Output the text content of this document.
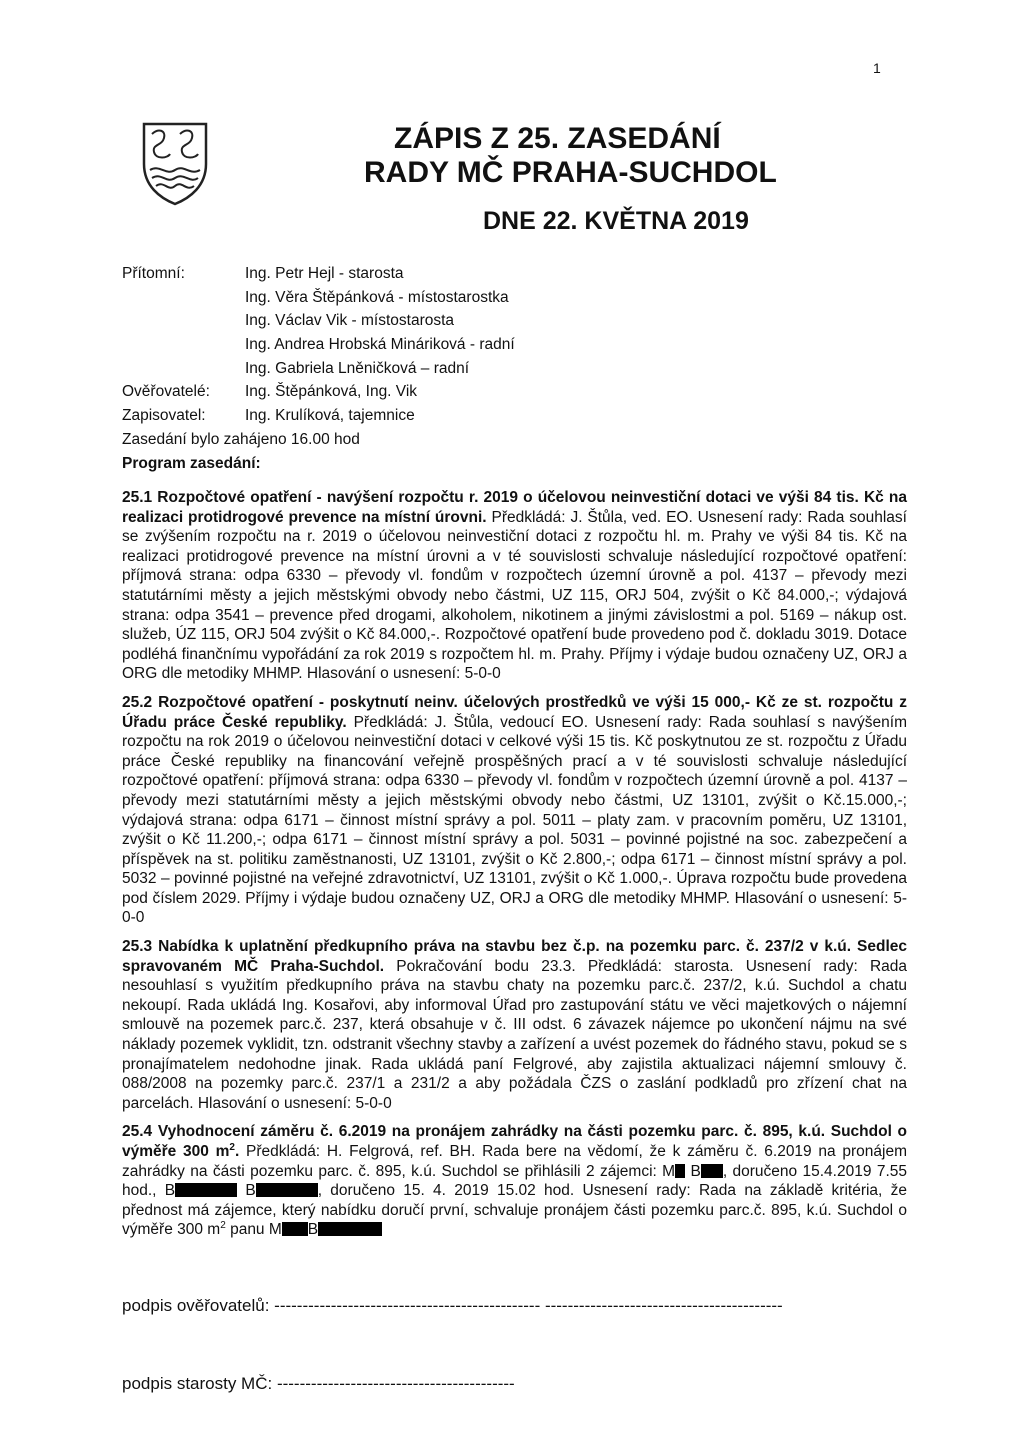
1
ZÁPIS Z 25. ZASEDÁNÍ
RADY MČ PRAHA-SUCHDOL
DNE 22. KVĚTNA 2019
Přítomní:	Ing. Petr Hejl - starosta
Ing. Věra Štěpánková - místostarostka
Ing. Václav Vik - místostarosta
Ing. Andrea Hrobská Mináriková - radní
Ing. Gabriela Lněničková – radní
Ověřovatelé: Ing. Štěpánková, Ing. Vik
Zapisovatel:	Ing. Krulíková, tajemnice
Zasedání bylo zahájeno 16.00 hod
Program zasedání:
25.1 Rozpočtové opatření - navýšení rozpočtu r. 2019 o účelovou neinvestiční dotaci ve výši 84 tis. Kč na realizaci protidrogové prevence na místní úrovni. Předkládá: J. Štůla, ved. EO. Usnesení rady: Rada souhlasí se zvýšením rozpočtu na r. 2019 o účelovou neinvestiční dotaci z rozpočtu hl. m. Prahy ve výši 84 tis. Kč na realizaci protidrogové prevence na místní úrovni a v té souvislosti schvaluje následující rozpočtové opatření: příjmová strana: odpa 6330 – převody vl. fondům v rozpočtech územní úrovně a pol. 4137 – převody mezi statutárními městy a jejich městskými obvody nebo částmi, UZ 115, ORJ 504, zvýšit o Kč 84.000,-; výdajová strana: odpa 3541 – prevence před drogami, alkoholem, nikotinem a jinými závislostmi a pol. 5169 – nákup ost. služeb, ÚZ 115, ORJ 504 zvýšit o Kč 84.000,-. Rozpočtové opatření bude provedeno pod č. dokladu 3019. Dotace podléhá finančnímu vypořádání za rok 2019 s rozpočtem hl. m. Prahy. Příjmy i výdaje budou označeny UZ, ORJ a ORG dle metodiky MHMP. Hlasování o usnesení: 5-0-0
25.2 Rozpočtové opatření - poskytnutí neinv. účelových prostředků ve výši 15 000,- Kč ze st. rozpočtu z Úřadu práce České republiky. Předkládá: J. Štůla, vedoucí EO. Usnesení rady: Rada souhlasí s navýšením rozpočtu na rok 2019 o účelovou neinvestiční dotaci v celkové výši 15 tis. Kč poskytnutou ze st. rozpočtu z Úřadu práce České republiky na financování veřejně prospěšných prací a v té souvislosti schvaluje následující rozpočtové opatření: příjmová strana: odpa 6330 – převody vl. fondům v rozpočtech územní úrovně a pol. 4137 – převody mezi statutárními městy a jejich městskými obvody nebo částmi, UZ 13101, zvýšit o Kč.15.000,-; výdajová strana: odpa 6171 – činnost místní správy a pol. 5011 – platy zam. v pracovním poměru, UZ 13101, zvýšit o Kč 11.200,-; odpa 6171 – činnost místní správy a pol. 5031 – povinné pojistné na soc. zabezpečení a příspěvek na st. politiku zaměstnanosti, UZ 13101, zvýšit o Kč 2.800,-; odpa 6171 – činnost místní správy a pol. 5032 – povinné pojistné na veřejné zdravotnictví, UZ 13101, zvýšit o Kč 1.000,-. Úprava rozpočtu bude provedena pod číslem 2029. Příjmy i výdaje budou označeny UZ, ORJ a ORG dle metodiky MHMP. Hlasování o usnesení: 5-0-0
25.3 Nabídka k uplatnění předkupního práva na stavbu bez č.p. na pozemku parc. č. 237/2 v k.ú. Sedlec spravovaném MČ Praha-Suchdol. Pokračování bodu 23.3. Předkládá: starosta. Usnesení rady: Rada nesouhlasí s využitím předkupního práva na stavbu chaty na pozemku parc.č. 237/2, k.ú. Suchdol a chatu nekoupí. Rada ukládá Ing. Kosařovi, aby informoval Úřad pro zastupování státu ve věci majetkových o nájemní smlouvě na pozemek parc.č. 237, která obsahuje v č. III odst. 6 závazek nájemce po ukončení nájmu na své náklady pozemek vyklidit, tzn. odstranit všechny stavby a zařízení a uvést pozemek do řádného stavu, pokud se s pronajímatelem nedohodne jinak. Rada ukládá paní Felgrové, aby zajistila aktualizaci nájemní smlouvy č. 088/2008 na pozemky parc.č. 237/1 a 231/2 a aby požádala ČZS o zaslání podkladů pro zřízení chat na parcelách. Hlasování o usnesení: 5-0-0
25.4 Vyhodnocení záměru č. 6.2019 na pronájem zahrádky na části pozemku parc. č. 895, k.ú. Suchdol o výměře 300 $m^2$. Předkládá: H. Felgrová, ref. BH. Rada bere na vědomí, že k záměru č. 6.2019 na pronájem zahrádky na části pozemku parc. č. 895, k.ú. Suchdol se přihlásili 2 zájemci: M B , doručeno 15.4.2019 7.55 hod., B	B	, doručeno 15. 4. 2019 15.02 hod. Usnesení rady: Rada na základě kritéria, že přednost má zájemce, který nabídku doručí první, schvaluje pronájem části pozemku parc.č. 895, k.ú. Suchdol o výměře 300 $m^2$ panu M B
podpis ověřovatelů: ----------------------------------------------- ------------------------------------------
podpis starosty MČ: ------------------------------------------
